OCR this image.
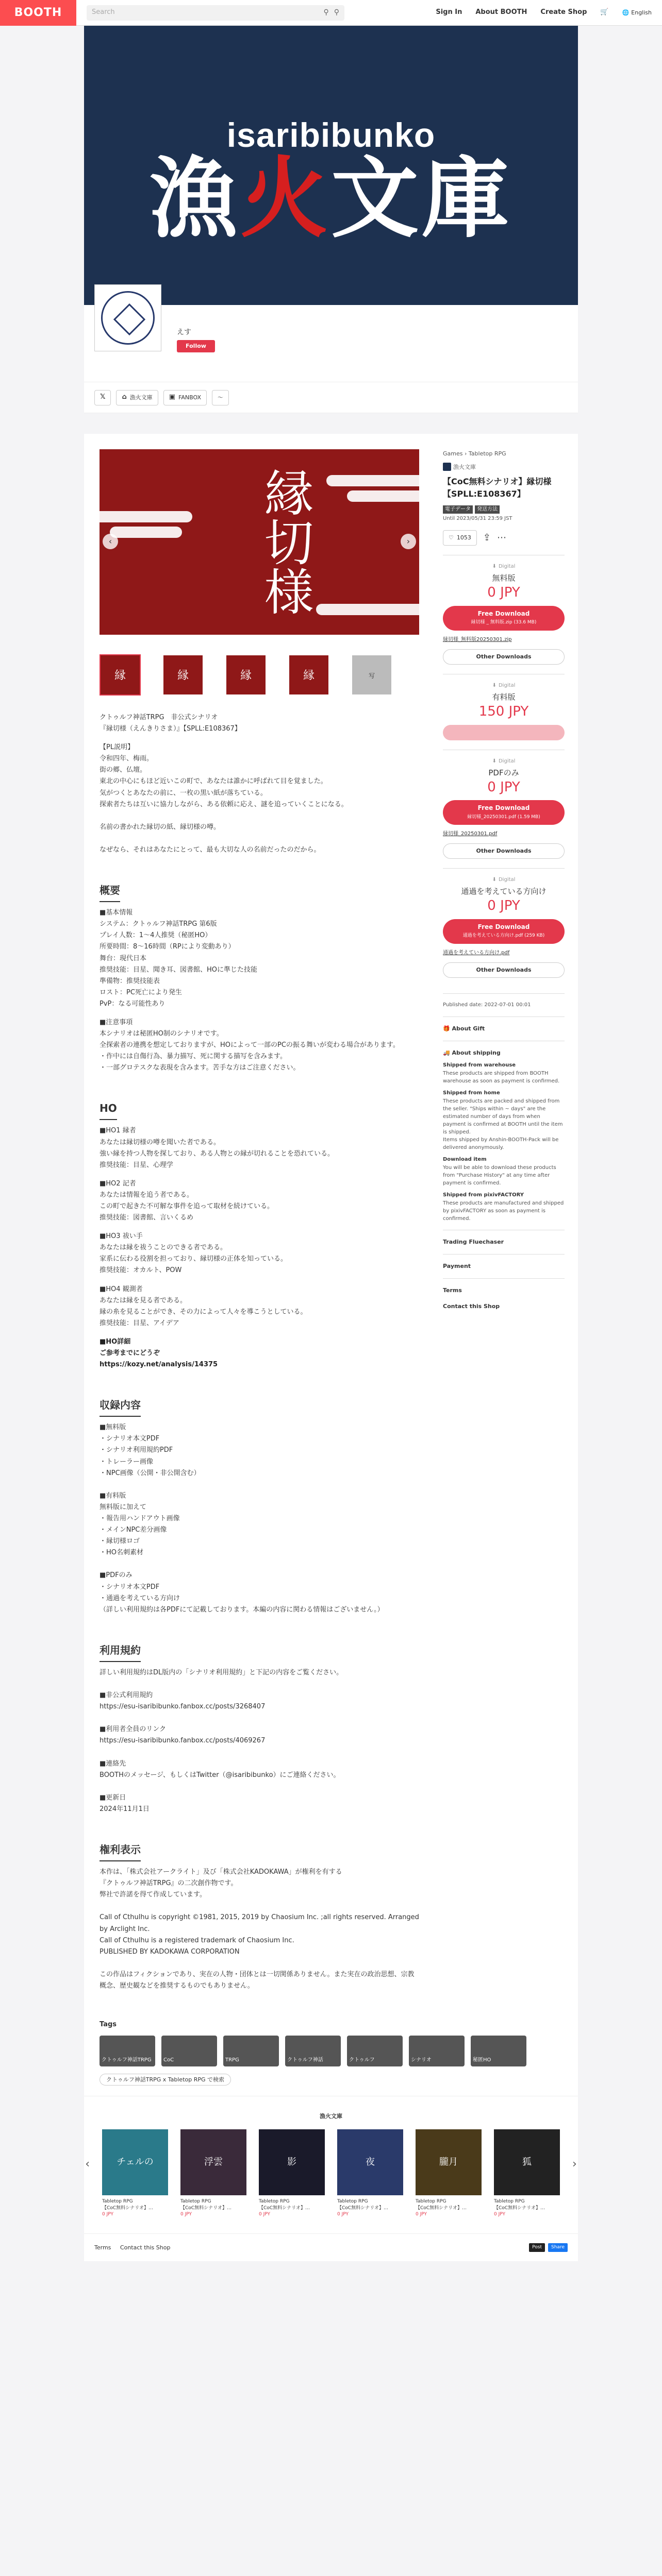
BOOTH	Search	⚲ ⚲	Sign In About BOOTH Create Shop 🛒 🌐 English
isaribibunko
漁火文庫
えす
Follow
𝕏 ⌂ 漁火文庫 ▣ FANBOX	〜
縁切様
‹	›
縁	縁	縁	縁	写

クトゥルフ神話TRPG　非公式シナリオ
『縁切様（えんきりさま）』【SPLL:E108367】

【PL説明】

令和四年、梅雨。
街の郷、仏壇。
東北の中心にもほど近いこの町で、あなたは誰かに呼ばれて目を覚ました。
気がつくとあなたの前に、一枚の黒い紙が落ちている。
探索者たちは互いに協力しながら、ある依頼に応え、謎を追っていくことになる。

名前の書かれた縁切の紙、縁切様の噂。

なぜなら、それはあなたにとって、最も大切な人の名前だったのだから。

概要

■基本情報
システム：クトゥルフ神話TRPG 第6版
プレイ人数：1〜4人推奨（秘匿HO）
所要時間：8〜16時間（RPにより変動あり）
舞台：現代日本
推奨技能：目星、聞き耳、図書館、HOに準じた技能
準備物：推奨技能表
ロスト：PC死亡により発生
PvP：なる可能性あり

■注意事項

本シナリオは秘匿HO制のシナリオです。
全探索者の連携を想定しておりますが、HOによって一部のPCの振る舞いが変わる場合があります。
・作中には自傷行為、暴力描写、死に関する描写を含みます。
・一部グロテスクな表現を含みます。苦手な方はご注意ください。

HO

■HO1 縁者
あなたは縁切様の噂を聞いた者である。
強い縁を持つ人物を探しており、ある人物との縁が切れることを恐れている。
推奨技能：目星、心理学

■HO2 記者
あなたは情報を追う者である。
この町で起きた不可解な事件を追って取材を続けている。
推奨技能：図書館、言いくるめ

■HO3 祓い手
あなたは縁を祓うことのできる者である。
家系に伝わる役割を担っており、縁切様の正体を知っている。
推奨技能：オカルト、POW

■HO4 観測者
あなたは縁を見る者である。
縁の糸を見ることができ、その力によって人々を導こうとしている。
推奨技能：目星、アイデア

■HO詳細
ご参考までにどうぞ
https://kozy.net/analysis/14375

収録内容

■無料版
・シナリオ本文PDF
・シナリオ利用規約PDF
・トレーラー画像
・NPC画像（公開・非公開含む）

■有料版
無料版に加えて
・報告用ハンドアウト画像
・メインNPC差分画像
・縁切様ロゴ
・HO名刺素材

■PDFのみ
・シナリオ本文PDF
・通過を考えている方向け
（詳しい利用規約は各PDFにて記載しております。本編の内容に関わる情報はございません。）

利用規約

詳しい利用規約はDL版内の「シナリオ利用規約」と下記の内容をご覧ください。

■非公式利用規約
https://esu-isaribibunko.fanbox.cc/posts/3268407

■利用者全員のリンク
https://esu-isaribibunko.fanbox.cc/posts/4069267

■連絡先
BOOTHのメッセージ、もしくはTwitter（@isaribibunko）にご連絡ください。

■更新日
2024年11月1日

権利表示

本作は、「株式会社アークライト」及び「株式会社KADOKAWA」が権利を有する
『クトゥルフ神話TRPG』の二次創作物です。
弊社で許諾を得て作成しています。

Call of Cthulhu is copyright ©1981, 2015, 2019 by Chaosium Inc. ;all rights reserved. Arranged by Arclight Inc.
Call of Cthulhu is a registered trademark of Chaosium Inc.
PUBLISHED BY KADOKAWA CORPORATION

この作品はフィクションであり、実在の人物・団体とは一切関係ありません。また実在の政治思想、宗教概念、歴史観などを推奨するものでもありません。

Games › Tabletop RPG
漁火文庫
【CoC無料シナリオ】縁切様【SPLL:E108367】
電子データ 発送方法
Until 2023/05/31 23:59 JST
♡ 1053 ⇪ ⋯
⬇ Digital
無料版
0 JPY
Free Download
縁切様 _ 無料版.zip (33.6 MB)
縁切様_無料版20250301.zip
Other Downloads
⬇ Digital
有料版
150 JPY
⬇ Digital
PDFのみ
0 JPY
Free Download
縁切様_20250301.pdf (1.59 MB)
縁切様_20250301.pdf
Other Downloads
⬇ Digital
通過を考えている方向け
0 JPY
Free Download
通過を考えている方向け.pdf (259 KB)
通過を考えている方向け.pdf
Other Downloads
Published date: 2022-07-01 00:01
🎁 About Gift
🚚 About shipping
Shipped from warehouse

These products are shipped from BOOTH warehouse as soon as payment is confirmed.

Shipped from home

These products are packed and shipped from the seller. "Ships within ~ days" are the estimated number of days from when payment is confirmed at BOOTH until the item is shipped.

Items shipped by Anshin-BOOTH-Pack will be delivered anonymously.

Download item

You will be able to download these products from "Purchase History" at any time after payment is confirmed.

Shipped from pixivFACTORY

These products are manufactured and shipped by pixivFACTORY as soon as payment is confirmed.

Trading Fluechaser
Payment
Terms
Contact this Shop
Tags
クトゥルフ神話TRPG	CoC	TRPG	クトゥルフ神話	クトゥルフ	シナリオ	秘匿HO
クトゥルフ神話TRPG x Tabletop RPG で検索
漁火文庫
‹	チェルの
Tabletop RPG
【CoC無料シナリオ】…
0 JPY
浮雲
Tabletop RPG
【CoC無料シナリオ】…
0 JPY
影
Tabletop RPG
【CoC無料シナリオ】…
0 JPY
夜
Tabletop RPG
【CoC無料シナリオ】…
0 JPY
朧月
Tabletop RPG
【CoC無料シナリオ】…
0 JPY
狐
Tabletop RPG
【CoC無料シナリオ】…
0 JPY
›
Terms Contact this Shop	Post	Share
